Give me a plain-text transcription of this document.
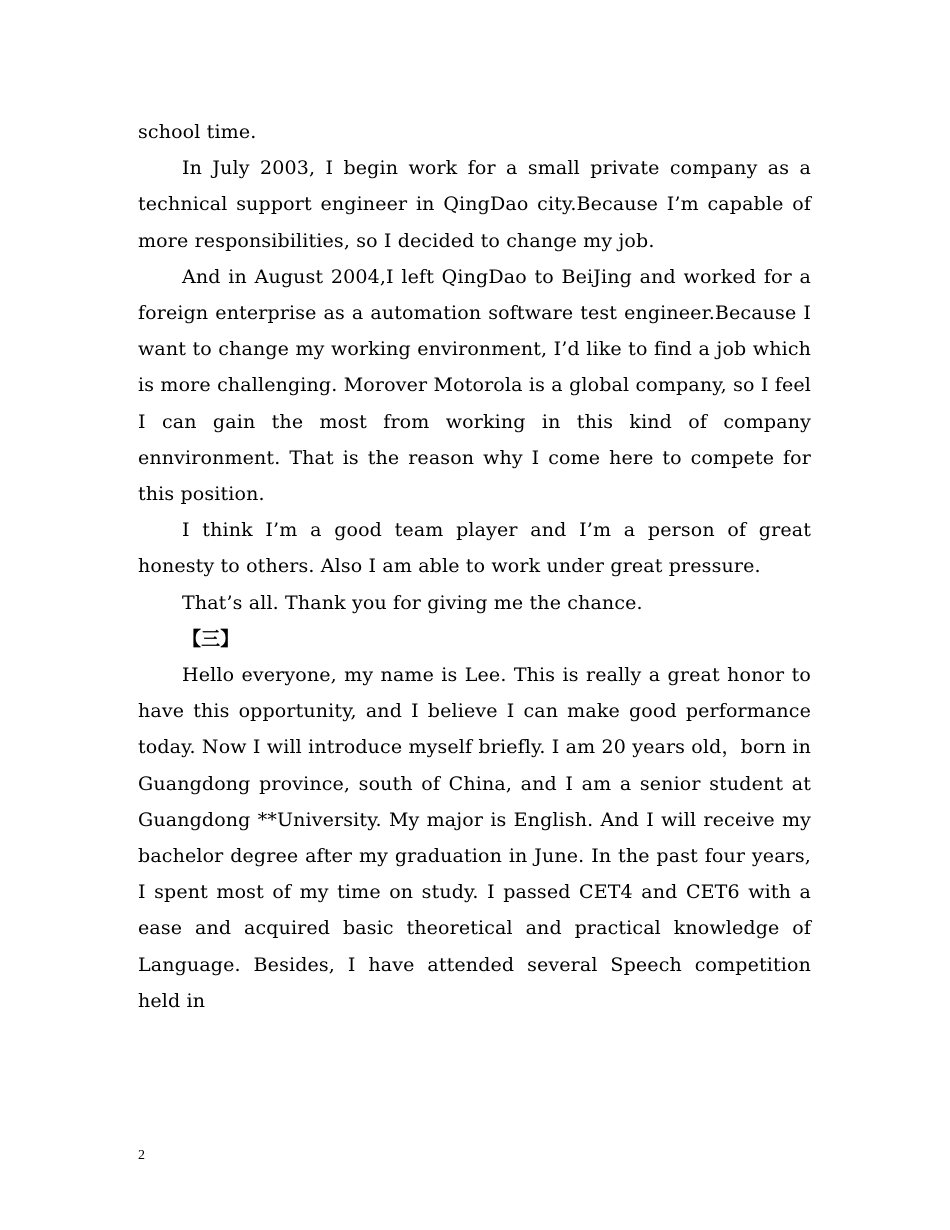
school time.

In July 2003, I begin work for a small private company as a technical support engineer in QingDao city.Because I’m capable of more responsibilities, so I decided to change my job.

And in August 2004,I left QingDao to BeiJing and worked for a foreign enterprise as a automation software test engineer.Because I want to change my working environment, I’d like to find a job which is more challenging. Morover Motorola is a global company, so I feel I can gain the most from working in this kind of company ennvironment. That is the reason why I come here to compete for this position.

I think I’m a good team player and I’m a person of great honesty to others. Also I am able to work under great pressure.

That’s all. Thank you for giving me the chance.

【三】

Hello everyone, my name is Lee. This is really a great honor to have this opportunity, and I believe I can make good performance today. Now I will introduce myself briefly. I am 20 years old，born in Guangdong province, south of China, and I am a senior student at Guangdong **University. My major is English. And I will receive my bachelor degree after my graduation in June. In the past four years, I spent most of my time on study. I passed CET4 and CET6 with a ease and acquired basic theoretical and practical knowledge of Language. Besides, I have attended several Speech competition held in

2
